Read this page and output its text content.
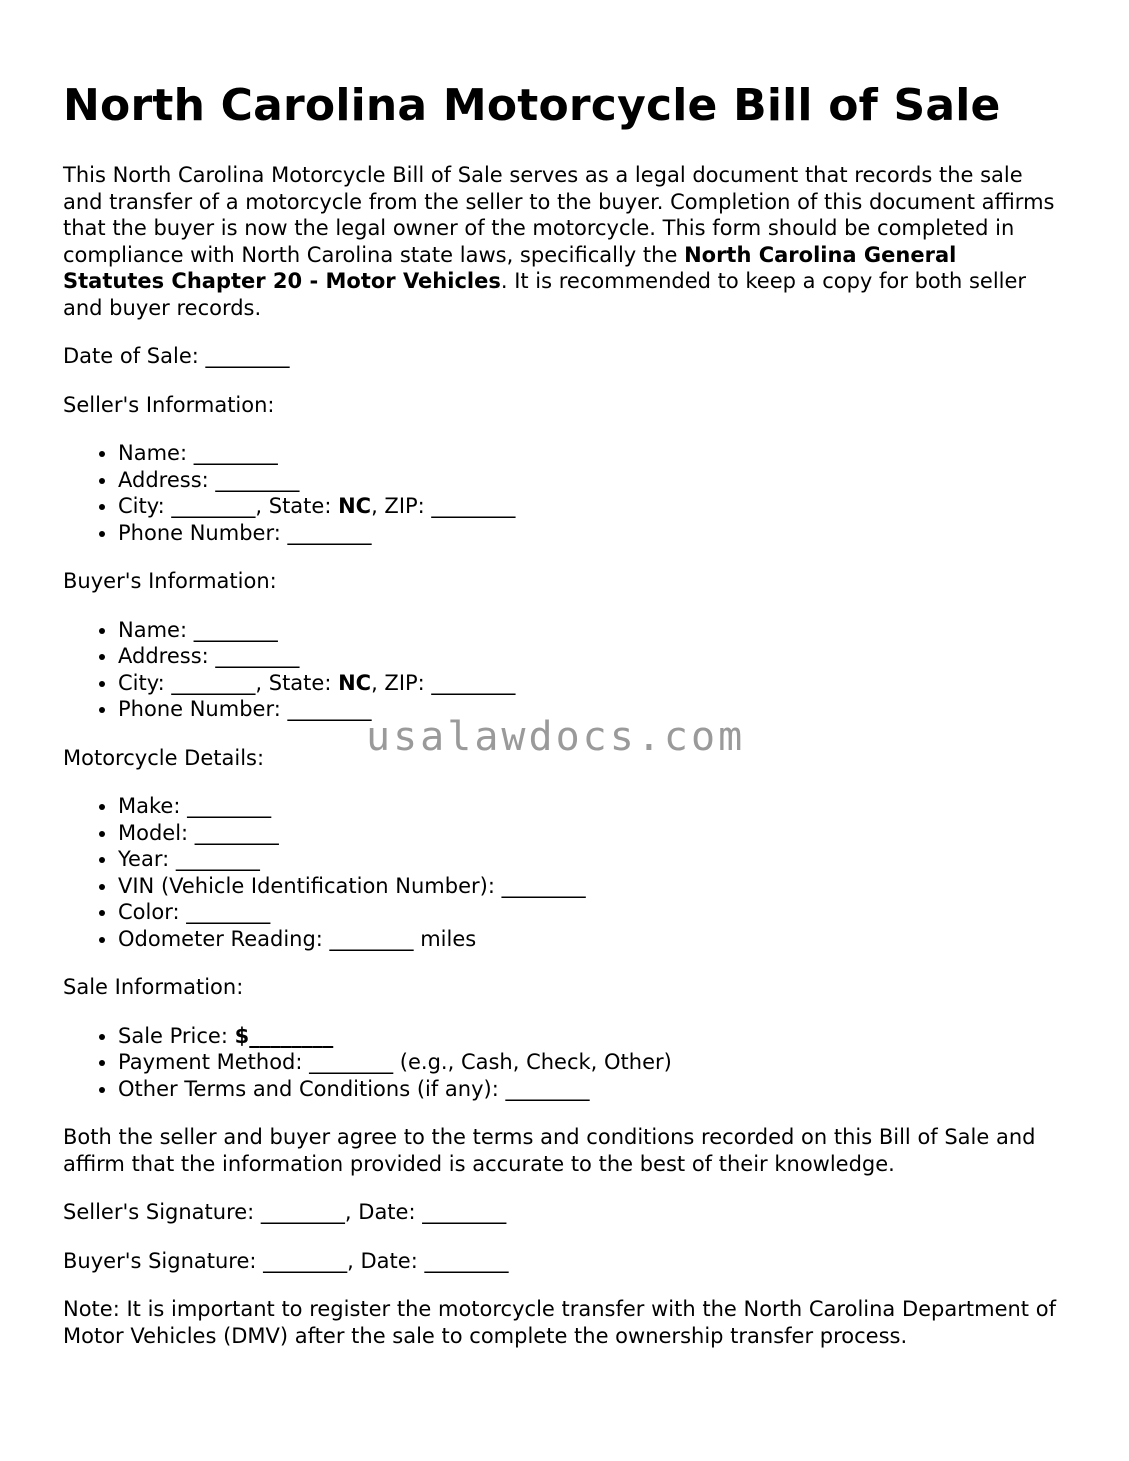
North Carolina Motorcycle Bill of Sale

This North Carolina Motorcycle Bill of Sale serves as a legal document that records the sale and transfer of a motorcycle from the seller to the buyer. Completion of this document affirms that the buyer is now the legal owner of the motorcycle. This form should be completed in compliance with North Carolina state laws, specifically the North Carolina General Statutes Chapter 20 - Motor Vehicles. It is recommended to keep a copy for both seller and buyer records.

Date of Sale: ________

Seller's Information:

• Name: ________
• Address: ________
• City: ________, State: NC, ZIP: ________
• Phone Number: ________

Buyer's Information:

• Name: ________
• Address: ________
• City: ________, State: NC, ZIP: ________
• Phone Number: ________

Motorcycle Details:

• Make: ________
• Model: ________
• Year: ________
• VIN (Vehicle Identification Number): ________
• Color: ________
• Odometer Reading: ________ miles

Sale Information:

• Sale Price: $________
• Payment Method: ________ (e.g., Cash, Check, Other)
• Other Terms and Conditions (if any): ________

Both the seller and buyer agree to the terms and conditions recorded on this Bill of Sale and affirm that the information provided is accurate to the best of their knowledge.

Seller's Signature: ________, Date: ________

Buyer's Signature: ________, Date: ________

Note: It is important to register the motorcycle transfer with the North Carolina Department of Motor Vehicles (DMV) after the sale to complete the ownership transfer process.

usalawdocs.com
